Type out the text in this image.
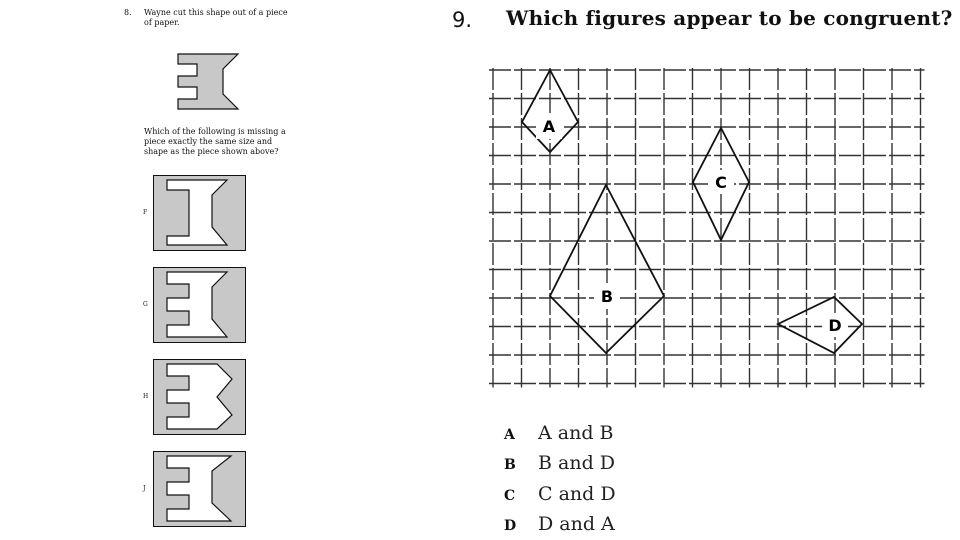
8. Wayne cut this shape out of a piece of paper.
Which of the following is missing a piece exactly the same size and shape as the piece shown above?
F
G
H
J
9. Which figures appear to be congruent?
A
B
C
D
A	A and B
B	B and D
C	C and D
D	D and A
